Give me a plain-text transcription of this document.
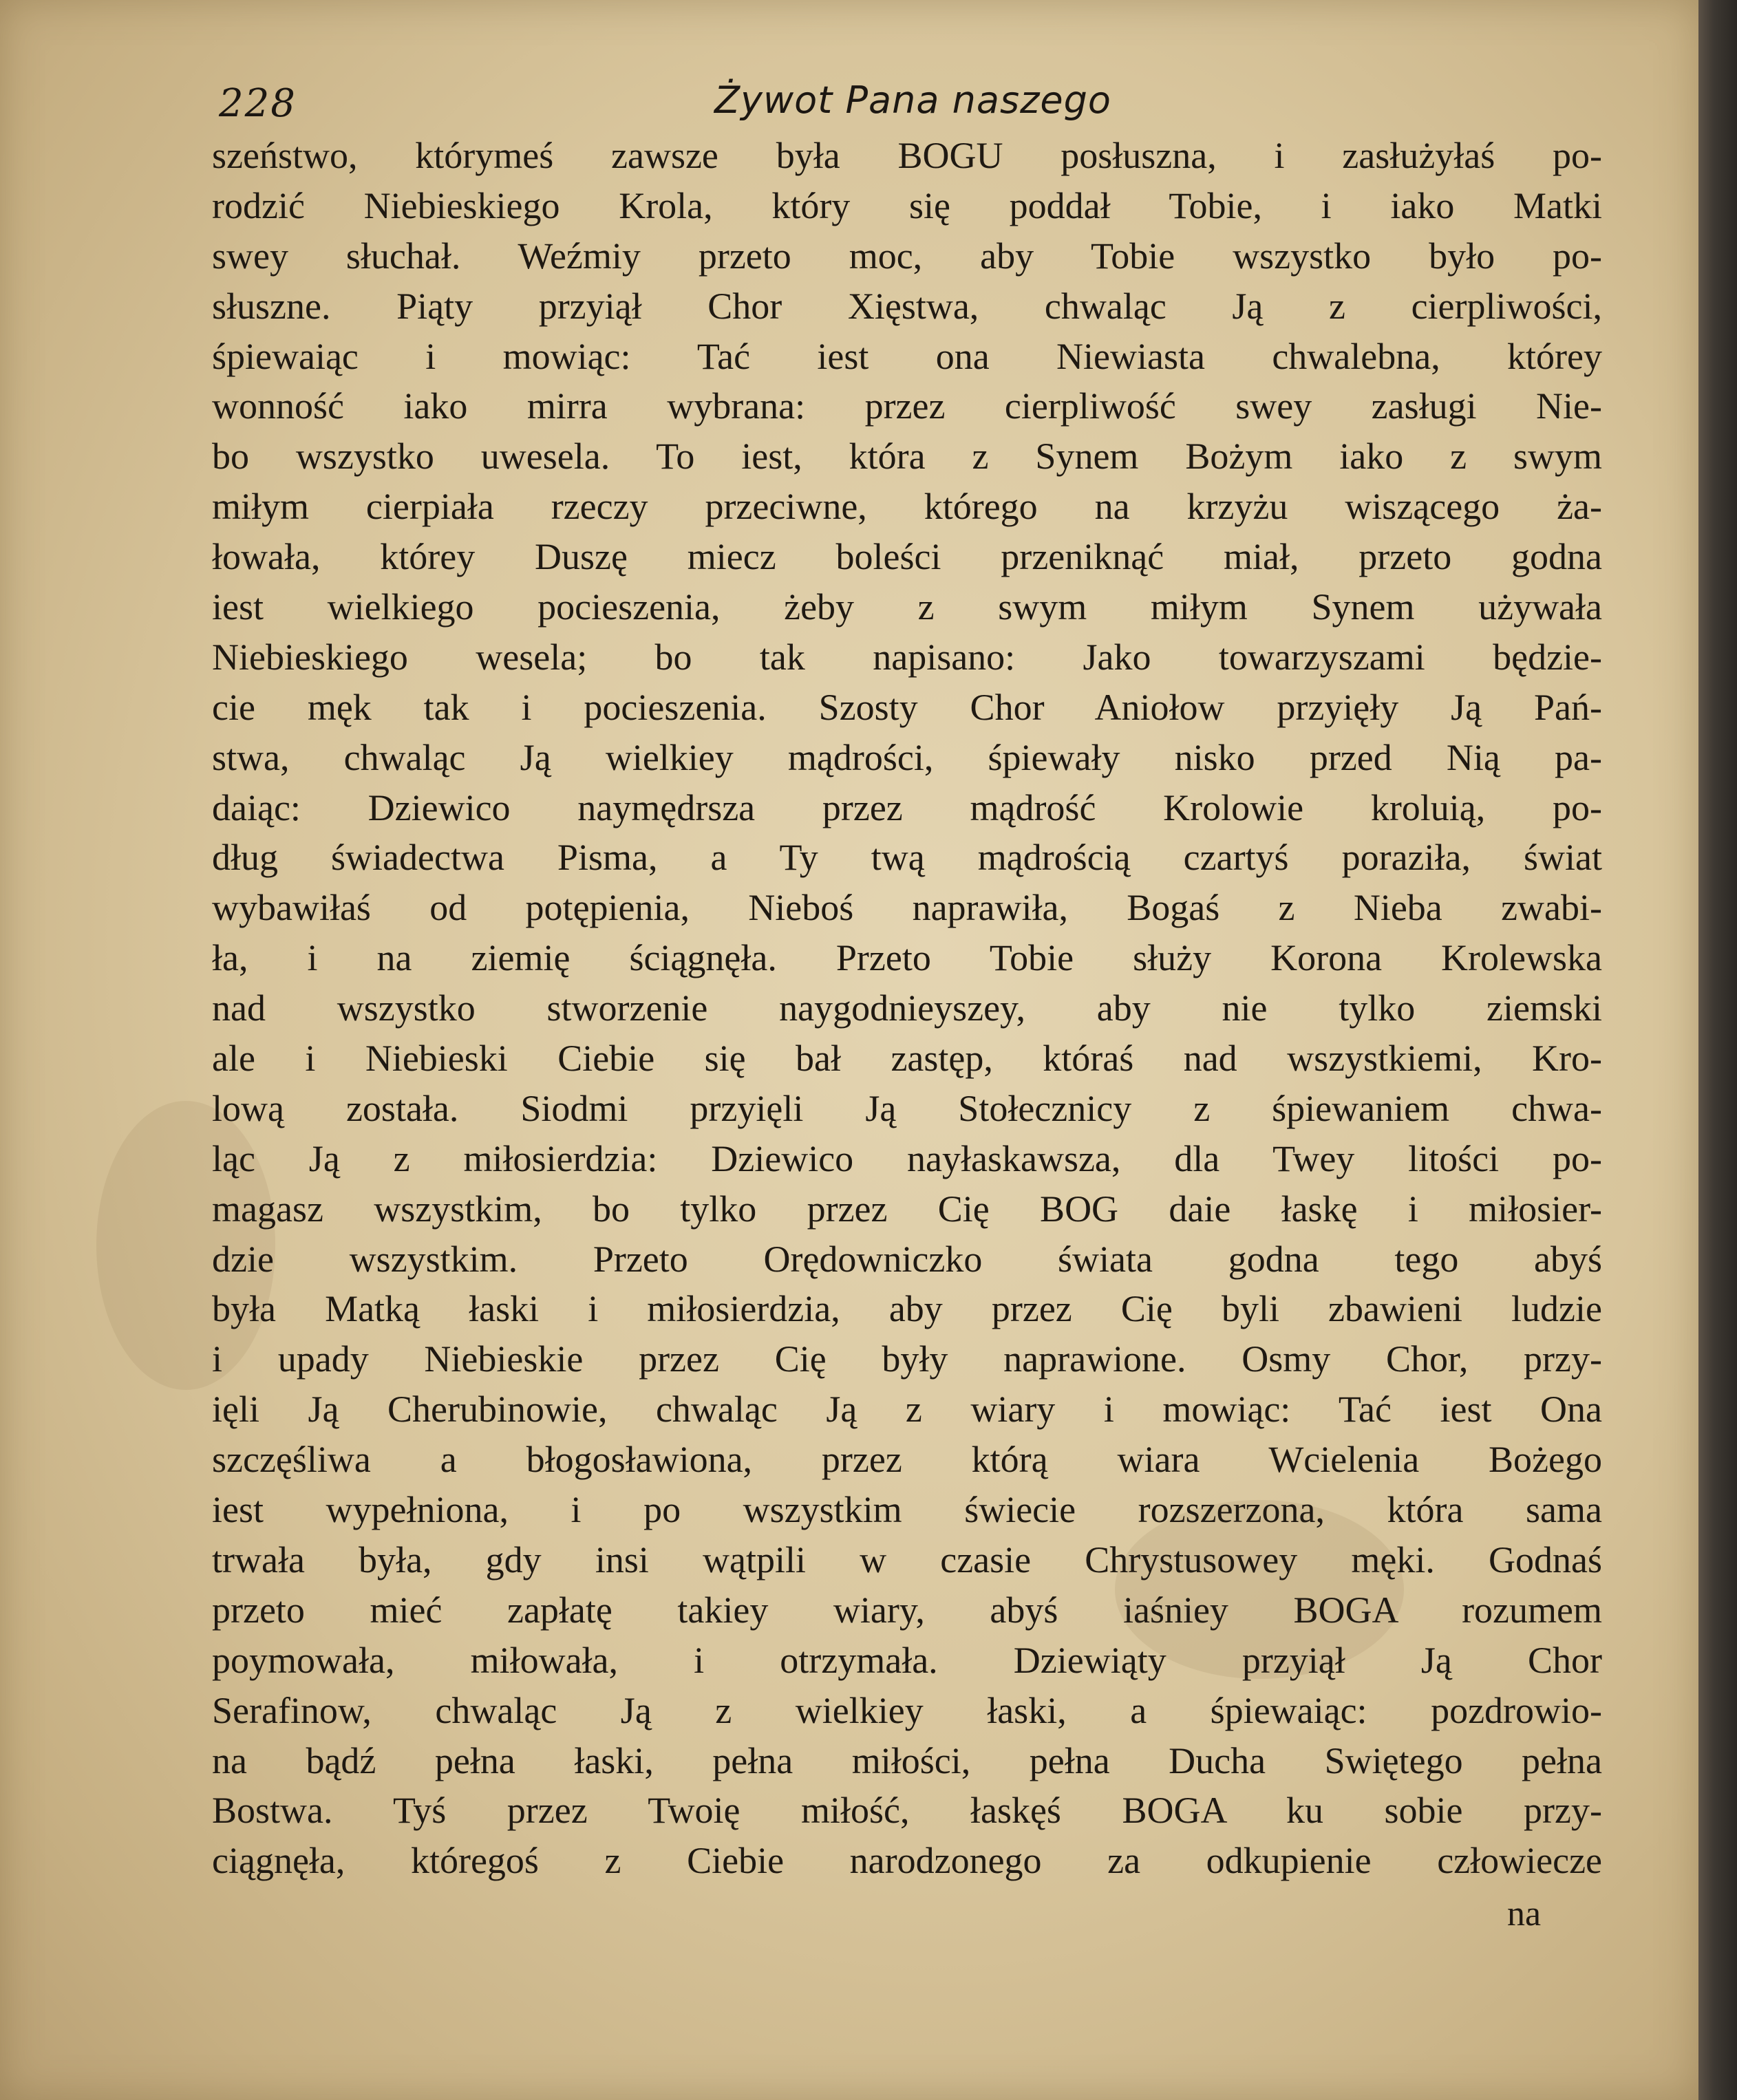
228	Żywot Pana naszego
szeństwo, którymeś zawsze była BOGU posłuszna, i zasłużyłaś po-
rodzić Niebieskiego Krola, który się poddał Tobie, i iako Matki
swey słuchał. Weźmiy przeto moc, aby Tobie wszystko było po-
słuszne. Piąty przyiął Chor Xięstwa, chwaląc Ją z cierpliwości,
śpiewaiąc i mowiąc: Tać iest ona Niewiasta chwalebna, którey
wonność iako mirra wybrana: przez cierpliwość swey zasługi Nie-
bo wszystko uwesela. To iest, która z Synem Bożym iako z swym
miłym cierpiała rzeczy przeciwne, którego na krzyżu wiszącego ża-
łowała, którey Duszę miecz boleści przeniknąć miał, przeto godna
iest wielkiego pocieszenia, żeby z swym miłym Synem używała
Niebieskiego wesela; bo tak napisano: Jako towarzyszami będzie-
cie męk tak i pocieszenia. Szosty Chor Aniołow przyięły Ją Pań-
stwa, chwaląc Ją wielkiey mądrości, śpiewały nisko przed Nią pa-
daiąc: Dziewico naymędrsza przez mądrość Krolowie kroluią, po-
dług świadectwa Pisma, a Ty twą mądrością czartyś poraziła, świat
wybawiłaś od potępienia, Nieboś naprawiła, Bogaś z Nieba zwabi-
ła, i na ziemię ściągnęła. Przeto Tobie służy Korona Krolewska
nad wszystko stworzenie naygodnieyszey, aby nie tylko ziemski
ale i Niebieski Ciebie się bał zastęp, któraś nad wszystkiemi, Kro-
lową została. Siodmi przyięli Ją Stołecznicy z śpiewaniem chwa-
ląc Ją z miłosierdzia: Dziewico nayłaskawsza, dla Twey litości po-
magasz wszystkim, bo tylko przez Cię BOG daie łaskę i miłosier-
dzie wszystkim. Przeto Orędowniczko świata godna tego abyś
była Matką łaski i miłosierdzia, aby przez Cię byli zbawieni ludzie
i upady Niebieskie przez Cię były naprawione. Osmy Chor, przy-
ięli Ją Cherubinowie, chwaląc Ją z wiary i mowiąc: Tać iest Ona
szczęśliwa a błogosławiona, przez którą wiara Wcielenia Bożego
iest wypełniona, i po wszystkim świecie rozszerzona, która sama
trwała była, gdy insi wątpili w czasie Chrystusowey męki. Godnaś
przeto mieć zapłatę takiey wiary, abyś iaśniey BOGA rozumem
poymowała, miłowała, i otrzymała. Dziewiąty przyiął Ją Chor
Serafinow, chwaląc Ją z wielkiey łaski, a śpiewaiąc: pozdrowio-
na bądź pełna łaski, pełna miłości, pełna Ducha Swiętego pełna
Bostwa. Tyś przez Twoię miłość, łaskęś BOGA ku sobie przy-
ciągnęła, któregoś z Ciebie narodzonego za odkupienie człowiecze
na
